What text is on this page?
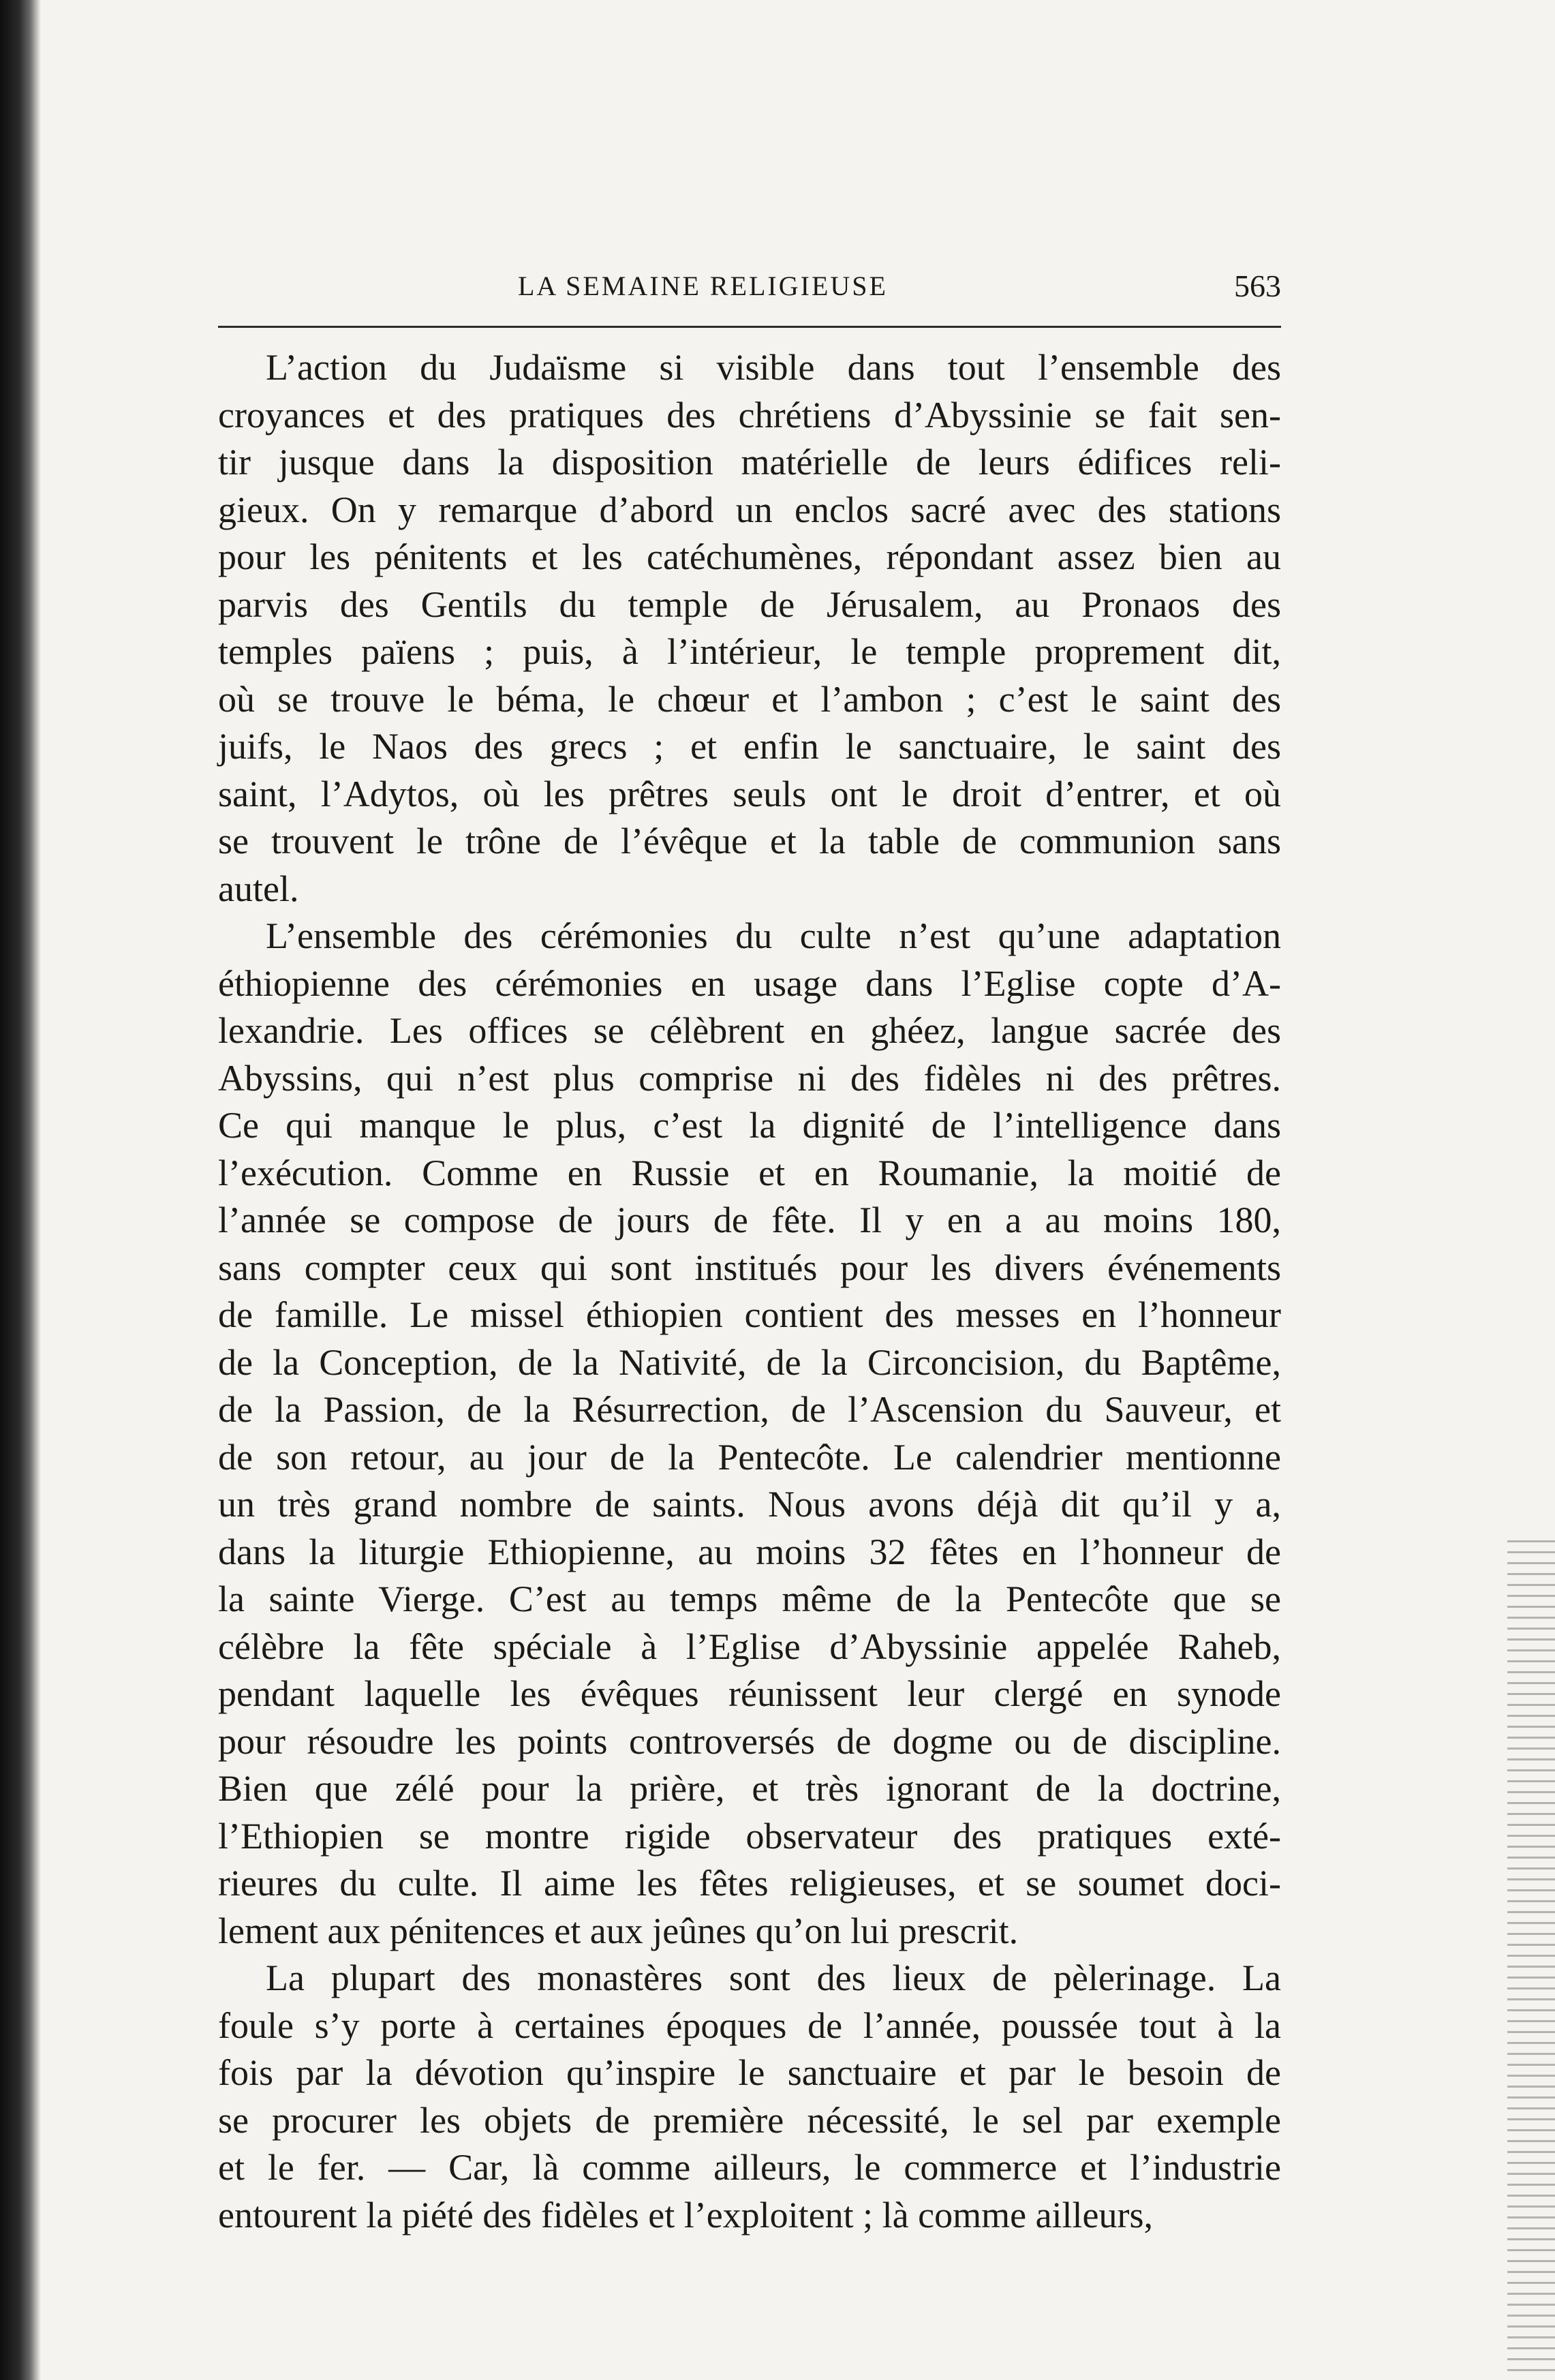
LA SEMAINE RELIGIEUSE	563

L’action du Judaïsme si visible dans tout l’ensemble des
croyances et des pratiques des chrétiens d’Abyssinie se fait sen-
tir jusque dans la disposition matérielle de leurs édifices reli-
gieux. On y remarque d’abord un enclos sacré avec des stations
pour les pénitents et les catéchumènes, répondant assez bien au
parvis des Gentils du temple de Jérusalem, au Pronaos des
temples païens ; puis, à l’intérieur, le temple proprement dit,
où se trouve le béma, le chœur et l’ambon ; c’est le saint des
juifs, le Naos des grecs ; et enfin le sanctuaire, le saint des
saint, l’Adytos, où les prêtres seuls ont le droit d’entrer, et où
se trouvent le trône de l’évêque et la table de communion sans
autel.

L’ensemble des cérémonies du culte n’est qu’une adaptation
éthiopienne des cérémonies en usage dans l’Eglise copte d’A-
lexandrie. Les offices se célèbrent en ghéez, langue sacrée des
Abyssins, qui n’est plus comprise ni des fidèles ni des prêtres.
Ce qui manque le plus, c’est la dignité de l’intelligence dans
l’exécution. Comme en Russie et en Roumanie, la moitié de
l’année se compose de jours de fête. Il y en a au moins 180,
sans compter ceux qui sont institués pour les divers événements
de famille. Le missel éthiopien contient des messes en l’honneur
de la Conception, de la Nativité, de la Circoncision, du Baptême,
de la Passion, de la Résurrection, de l’Ascension du Sauveur, et
de son retour, au jour de la Pentecôte. Le calendrier mentionne
un très grand nombre de saints. Nous avons déjà dit qu’il y a,
dans la liturgie Ethiopienne, au moins 32 fêtes en l’honneur de
la sainte Vierge. C’est au temps même de la Pentecôte que se
célèbre la fête spéciale à l’Eglise d’Abyssinie appelée Raheb,
pendant laquelle les évêques réunissent leur clergé en synode
pour résoudre les points controversés de dogme ou de discipline.
Bien que zélé pour la prière, et très ignorant de la doctrine,
l’Ethiopien se montre rigide observateur des pratiques exté-
rieures du culte. Il aime les fêtes religieuses, et se soumet doci-
lement aux pénitences et aux jeûnes qu’on lui prescrit.

La plupart des monastères sont des lieux de pèlerinage. La
foule s’y porte à certaines époques de l’année, poussée tout à la
fois par la dévotion qu’inspire le sanctuaire et par le besoin de
se procurer les objets de première nécessité, le sel par exemple
et le fer. — Car, là comme ailleurs, le commerce et l’industrie
entourent la piété des fidèles et l’exploitent ; là comme ailleurs,
